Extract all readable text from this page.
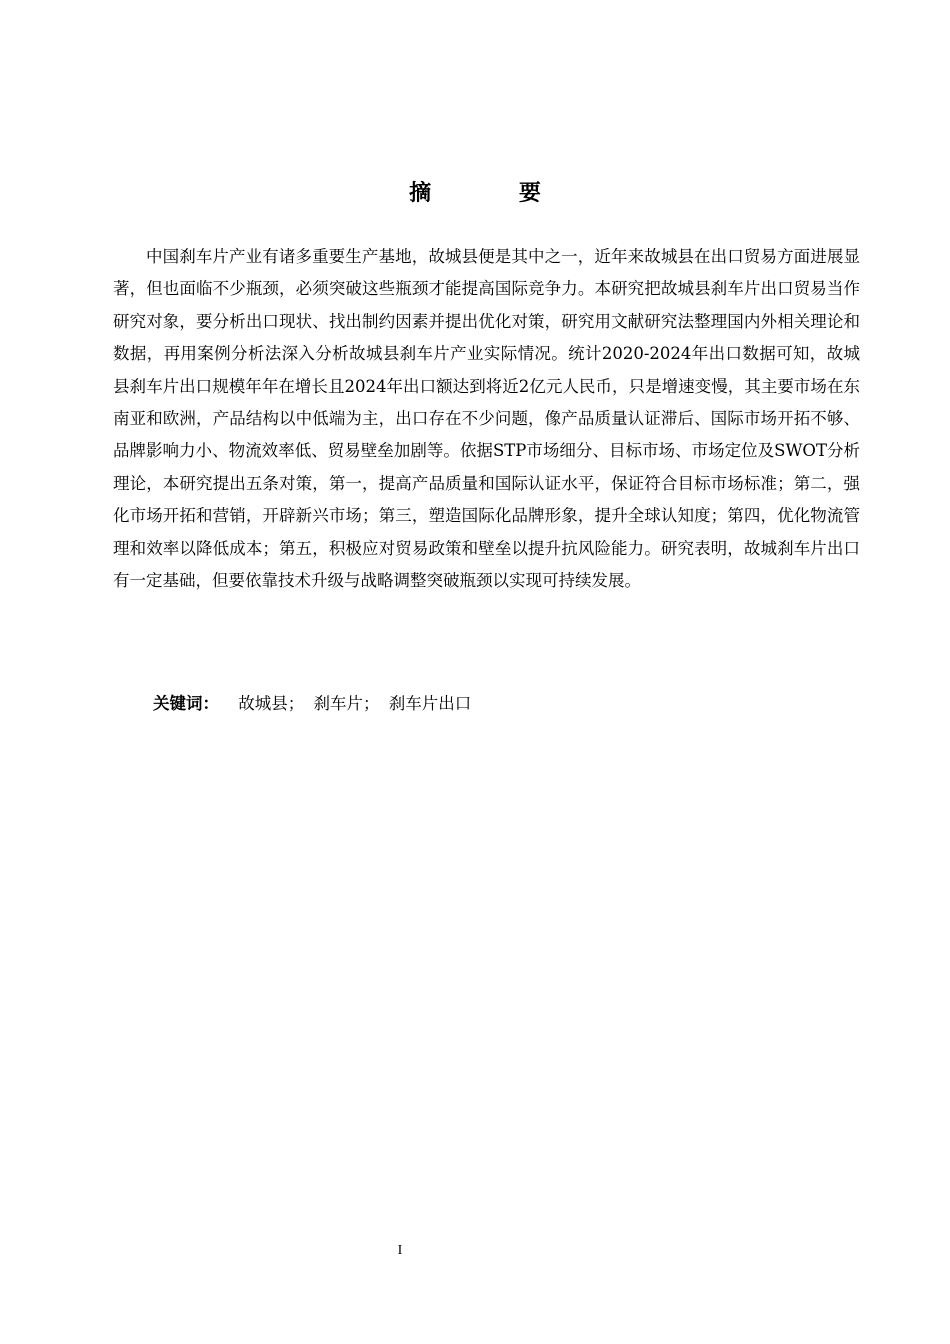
摘 要

中国刹车片产业有诸多重要生产基地，故城县便是其中之一，近年来故城县在出口贸易方面进展显著，但也面临不少瓶颈，必须突破这些瓶颈才能提高国际竞争力。本研究把故城县刹车片出口贸易当作研究对象，要分析出口现状、找出制约因素并提出优化对策，研究用文献研究法整理国内外相关理论和数据，再用案例分析法深入分析故城县刹车片产业实际情况。统计2020-2024年出口数据可知，故城县刹车片出口规模年年在增长且2024年出口额达到将近2亿元人民币，只是增速变慢，其主要市场在东南亚和欧洲，产品结构以中低端为主，出口存在不少问题，像产品质量认证滞后、国际市场开拓不够、品牌影响力小、物流效率低、贸易壁垒加剧等。依据STP市场细分、目标市场、市场定位及SWOT分析理论，本研究提出五条对策，第一，提高产品质量和国际认证水平，保证符合目标市场标准；第二，强化市场开拓和营销，开辟新兴市场；第三，塑造国际化品牌形象，提升全球认知度；第四，优化物流管理和效率以降低成本；第五，积极应对贸易政策和壁垒以提升抗风险能力。研究表明，故城刹车片出口有一定基础，但要依靠技术升级与战略调整突破瓶颈以实现可持续发展。

关键词： 故城县； 刹车片； 刹车片出口
I
